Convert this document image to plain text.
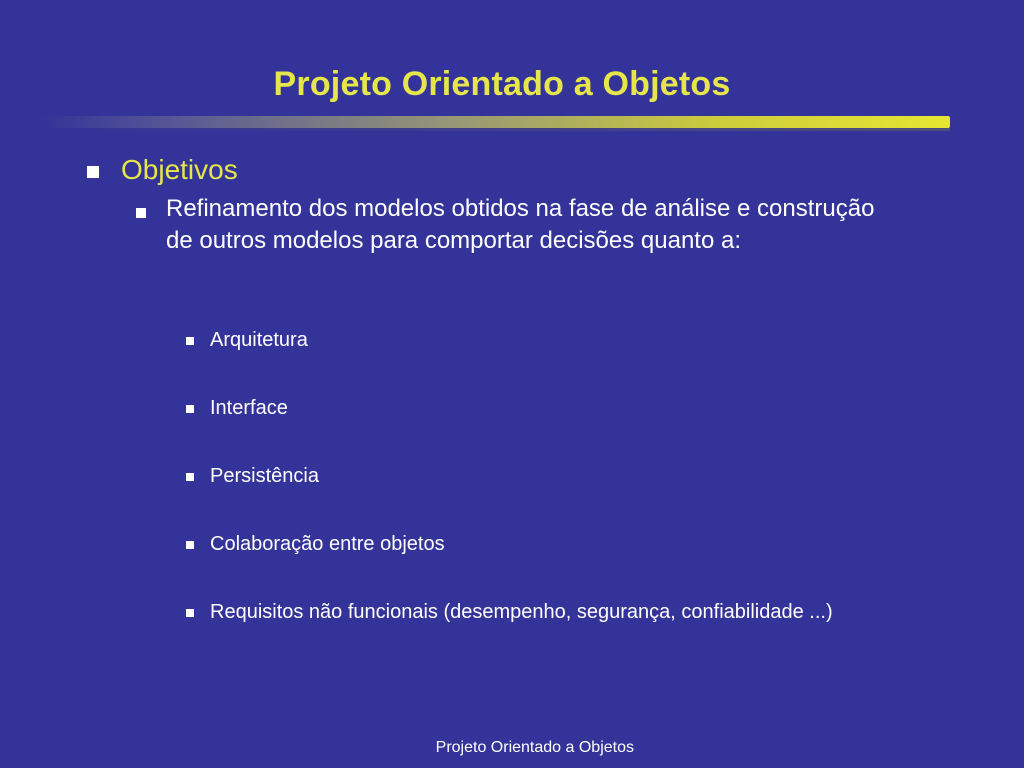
Projeto Orientado a Objetos
Objetivos
Refinamento dos modelos obtidos na fase de análise e construção de outros modelos para comportar decisões quanto a:
Arquitetura
Interface
Persistência
Colaboração entre objetos
Requisitos não funcionais (desempenho, segurança, confiabilidade ...)
Projeto Orientado a Objetos
